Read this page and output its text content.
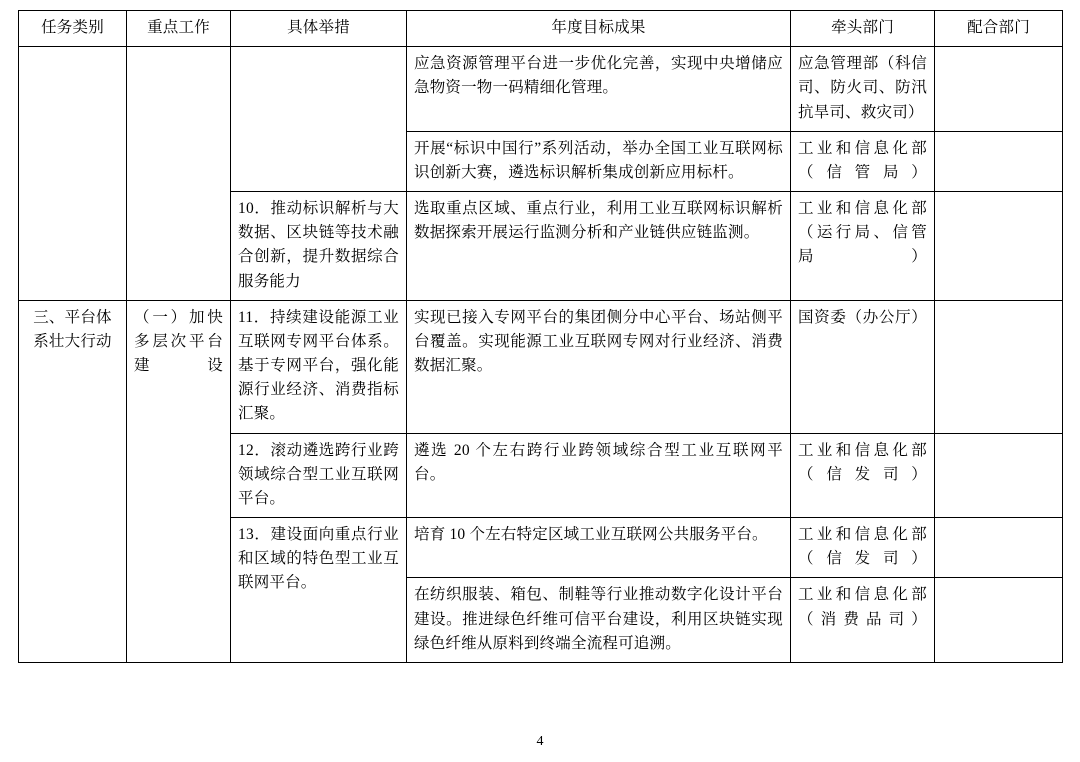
任务类别	重点工作	具体举措	年度目标成果	牵头部门	配合部门
			应急资源管理平台进一步优化完善，实现中央增储应急物资一物一码精细化管理。	应急管理部（科信司、防火司、防汛抗旱司、救灾司）	
			开展“标识中国行”系列活动，举办全国工业互联网标识创新大赛，遴选标识解析集成创新应用标杆。	工业和信息化部（信管局）	
		10．推动标识解析与大数据、区块链等技术融合创新，提升数据综合服务能力	选取重点区域、重点行业，利用工业互联网标识解析数据探索开展运行监测分析和产业链供应链监测。	工业和信息化部（运行局、信管局）	
三、平台体系壮大行动	（一）加快多层次平台建设	11．持续建设能源工业互联网专网平台体系。基于专网平台，强化能源行业经济、消费指标汇聚。	实现已接入专网平台的集团侧分中心平台、场站侧平台覆盖。实现能源工业互联网专网对行业经济、消费数据汇聚。	国资委（办公厅）	
		12．滚动遴选跨行业跨领域综合型工业互联网平台。	遴选 20 个左右跨行业跨领域综合型工业互联网平台。	工业和信息化部（信发司）	
		13．建设面向重点行业和区域的特色型工业互联网平台。	培育 10 个左右特定区域工业互联网公共服务平台。	工业和信息化部（信发司）	
			在纺织服装、箱包、制鞋等行业推动数字化设计平台建设。推进绿色纤维可信平台建设，利用区块链实现绿色纤维从原料到终端全流程可追溯。	工业和信息化部（消费品司）	
4
